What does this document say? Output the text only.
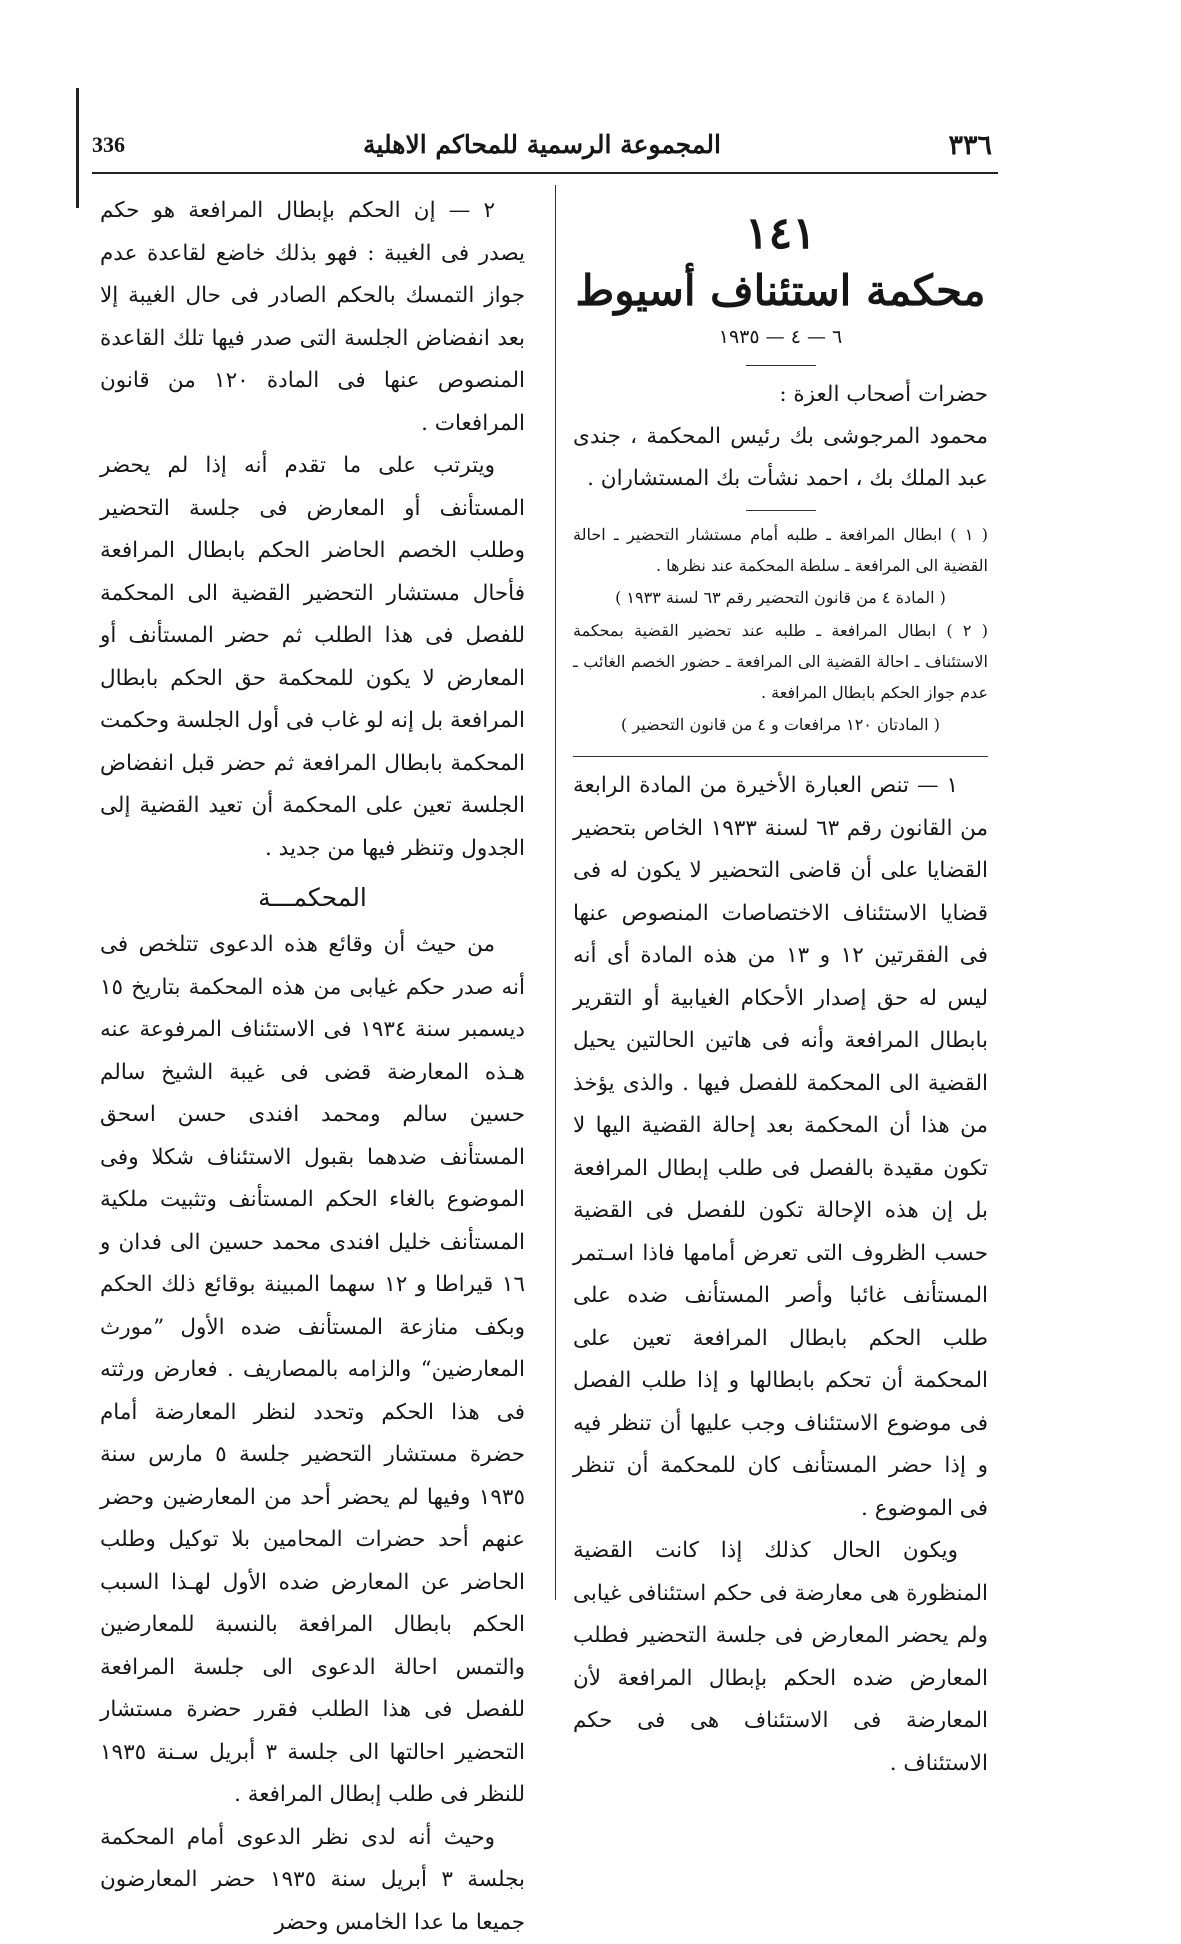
٣٣٦
المجموعة الرسمية للمحاكم الاهلية
336

١٤١

محكمة استئناف أسيوط

٦ — ٤ — ١٩٣٥

حضرات أصحاب العزة :

محمود المرجوشى بك رئيس المحكمة ، جندى عبد الملك بك ، احمد نشأت بك المستشاران .

( ١ ) ابطال المرافعة ـ طلبه أمام مستشار التحضير ـ احالة القضية الى المرافعة ـ سلطة المحكمة عند نظرها .

( المادة ٤ من قانون التحضير رقم ٦٣ لسنة ١٩٣٣ )

( ٢ ) ابطال المرافعة ـ طلبه عند تحضير القضية بمحكمة الاستئناف ـ احالة القضية الى المرافعة ـ حضور الخصم الغائب ـ عدم جواز الحكم بابطال المرافعة .

( المادتان ١٢٠ مرافعات و ٤ من قانون التحضير )

١ — تنص العبارة الأخيرة من المادة الرابعة من القانون رقم ٦٣ لسنة ١٩٣٣ الخاص بتحضير القضايا على أن قاضى التحضير لا يكون له فى قضايا الاستئناف الاختصاصات المنصوص عنها فى الفقرتين ١٢ و ١٣ من هذه المادة أى أنه ليس له حق إصدار الأحكام الغيابية أو التقرير بابطال المرافعة وأنه فى هاتين الحالتين يحيل القضية الى المحكمة للفصل فيها . والذى يؤخذ من هذا أن المحكمة بعد إحالة القضية اليها لا تكون مقيدة بالفصل فى طلب إبطال المرافعة بل إن هذه الإحالة تكون للفصل فى القضية حسب الظروف التى تعرض أمامها فاذا اسـتمر المستأنف غائبا وأصر المستأنف ضده على طلب الحكم بابطال المرافعة تعين على المحكمة أن تحكم بابطالها و إذا طلب الفصل فى موضوع الاستئناف وجب عليها أن تنظر فيه و إذا حضر المستأنف كان للمحكمة أن تنظر فى الموضوع .

ويكون الحال كذلك إذا كانت القضية المنظورة هى معارضة فى حكم استئنافى غيابى ولم يحضر المعارض فى جلسة التحضير فطلب المعارض ضده الحكم بإبطال المرافعة لأن المعارضة فى الاستئناف هى فى حكم الاستئناف .

٢ — إن الحكم بإبطال المرافعة هو حكم يصدر فى الغيبة : فهو بذلك خاضع لقاعدة عدم جواز التمسك بالحكم الصادر فى حال الغيبة إلا بعد انفضاض الجلسة التى صدر فيها تلك القاعدة المنصوص عنها فى المادة ١٢٠ من قانون المرافعات .

ويترتب على ما تقدم أنه إذا لم يحضر المستأنف أو المعارض فى جلسة التحضير وطلب الخصم الحاضر الحكم بابطال المرافعة فأحال مستشار التحضير القضية الى المحكمة للفصل فى هذا الطلب ثم حضر المستأنف أو المعارض لا يكون للمحكمة حق الحكم بابطال المرافعة بل إنه لو غاب فى أول الجلسة وحكمت المحكمة بابطال المرافعة ثم حضر قبل انفضاض الجلسة تعين على المحكمة أن تعيد القضية إلى الجدول وتنظر فيها من جديد .

المحكمـــة

من حيث أن وقائع هذه الدعوى تتلخص فى أنه صدر حكم غيابى من هذه المحكمة بتاريخ ١٥ ديسمبر سنة ١٩٣٤ فى الاستئناف المرفوعة عنه هـذه المعارضة قضى فى غيبة الشيخ سالم حسين سالم ومحمد افندى حسن اسحق المستأنف ضدهما بقبول الاستئناف شكلا وفى الموضوع بالغاء الحكم المستأنف وتثبيت ملكية المستأنف خليل افندى محمد حسين الى فدان و ١٦ قيراطا و ١٢ سهما المبينة بوقائع ذلك الحكم وبكف منازعة المستأنف ضده الأول ”مورث المعارضين“ والزامه بالمصاريف . فعارض ورثته فى هذا الحكم وتحدد لنظر المعارضة أمام حضرة مستشار التحضير جلسة ٥ مارس سنة ١٩٣٥ وفيها لم يحضر أحد من المعارضين وحضر عنهم أحد حضرات المحامين بلا توكيل وطلب الحاضر عن المعارض ضده الأول لهـذا السبب الحكم بابطال المرافعة بالنسبة للمعارضين والتمس احالة الدعوى الى جلسة المرافعة للفصل فى هذا الطلب فقرر حضرة مستشار التحضير احالتها الى جلسة ٣ أبريل سـنة ١٩٣٥ للنظر فى طلب إبطال المرافعة .

وحيث أنه لدى نظر الدعوى أمام المحكمة بجلسة ٣ أبريل سنة ١٩٣٥ حضر المعارضون جميعا ما عدا الخامس وحضر
